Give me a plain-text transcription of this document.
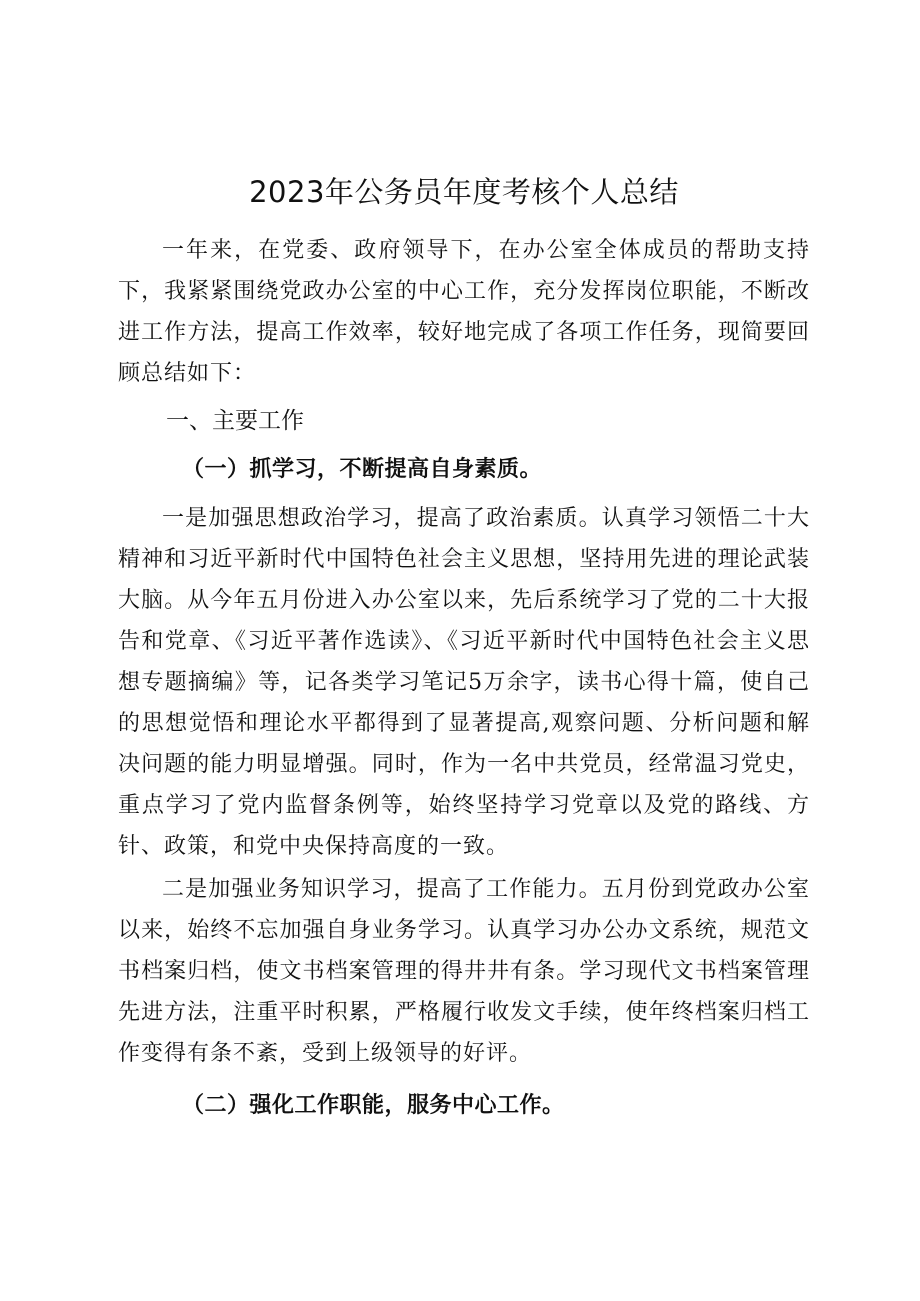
2023年公务员年度考核个人总结

一年来，在党委、政府领导下，在办公室全体成员的帮助支持下，我紧紧围绕党政办公室的中心工作，充分发挥岗位职能，不断改进工作方法，提高工作效率，较好地完成了各项工作任务，现简要回顾总结如下：

一、主要工作
（一）抓学习，不断提高自身素质。

一是加强思想政治学习，提高了政治素质。认真学习领悟二十大精神和习近平新时代中国特色社会主义思想，坚持用先进的理论武装大脑。从今年五月份进入办公室以来，先后系统学习了党的二十大报告和党章、《习近平著作选读》、《习近平新时代中国特色社会主义思想专题摘编》等，记各类学习笔记5万余字，读书心得十篇，使自己的思想觉悟和理论水平都得到了显著提高,观察问题、分析问题和解决问题的能力明显增强。同时，作为一名中共党员，经常温习党史，重点学习了党内监督条例等，始终坚持学习党章以及党的路线、方针、政策，和党中央保持高度的一致。

二是加强业务知识学习，提高了工作能力。五月份到党政办公室以来，始终不忘加强自身业务学习。认真学习办公办文系统，规范文书档案归档，使文书档案管理的得井井有条。学习现代文书档案管理先进方法，注重平时积累，严格履行收发文手续，使年终档案归档工作变得有条不紊，受到上级领导的好评。

（二）强化工作职能，服务中心工作。
